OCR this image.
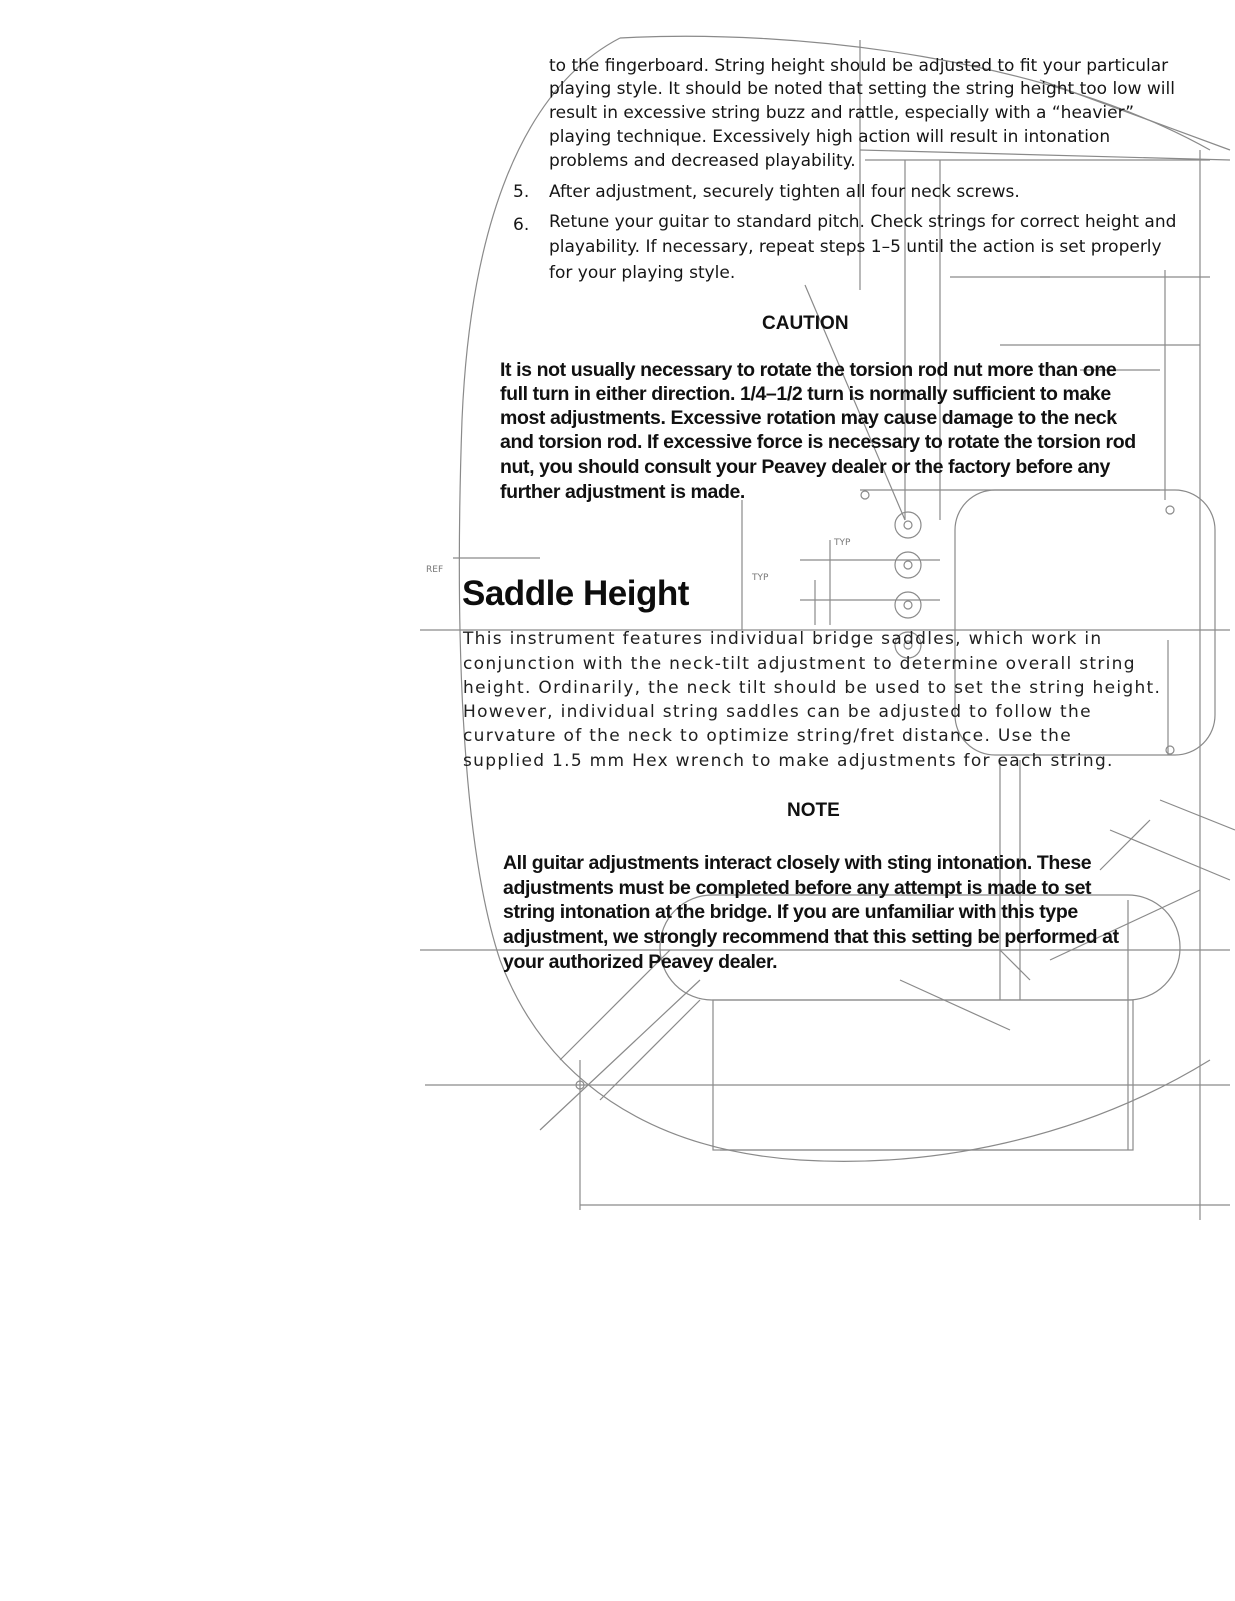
to the fingerboard. String height should be adjusted to fit your particular
playing style. It should be noted that setting the string height too low will
result in excessive string buzz and rattle, especially with a “heavier”
playing technique. Excessively high action will result in intonation
problems and decreased playability.
5. After adjustment, securely tighten all four neck screws.
6. Retune your guitar to standard pitch. Check strings for correct height and
playability. If necessary, repeat steps 1–5 until the action is set properly
for your playing style.
CAUTION
It is not usually necessary to rotate the torsion rod nut more than one
full turn in either direction. 1/4–1/2 turn is normally sufficient to make
most adjustments. Excessive rotation may cause damage to the neck
and torsion rod. If excessive force is necessary to rotate the torsion rod
nut, you should consult your Peavey dealer or the factory before any
further adjustment is made.
REF
TYP
TYP
Saddle Height
This instrument features individual bridge saddles, which work in
conjunction with the neck-tilt adjustment to determine overall string
height. Ordinarily, the neck tilt should be used to set the string height.
However, individual string saddles can be adjusted to follow the
curvature of the neck to optimize string/fret distance. Use the
supplied 1.5 mm Hex wrench to make adjustments for each string.
NOTE
All guitar adjustments interact closely with sting intonation. These
adjustments must be completed before any attempt is made to set
string intonation at the bridge. If you are unfamiliar with this type
adjustment, we strongly recommend that this setting be performed at
your authorized Peavey dealer.
